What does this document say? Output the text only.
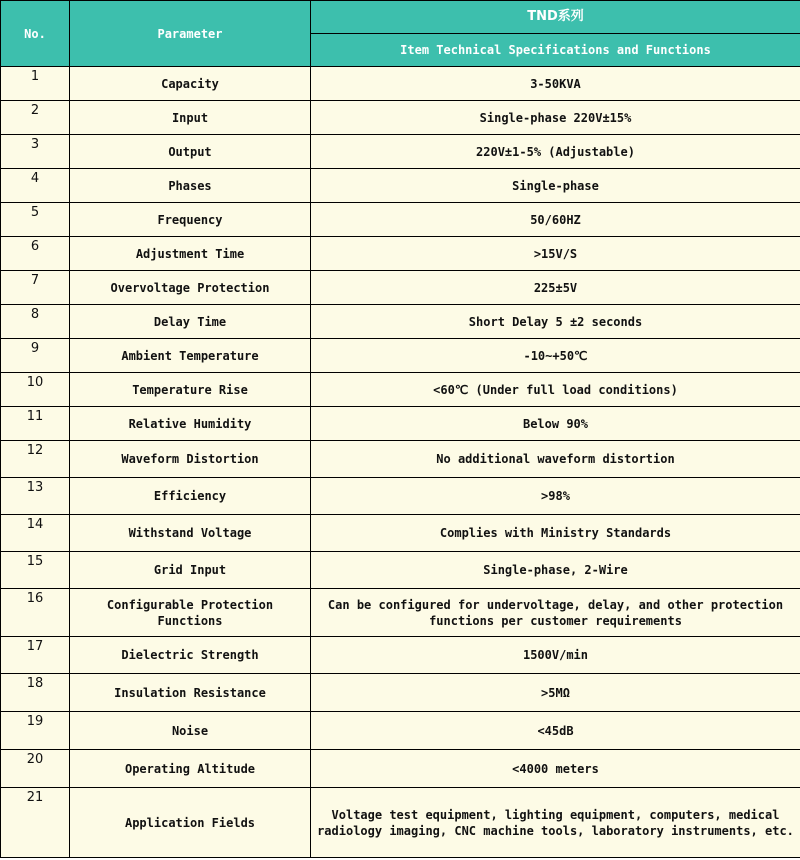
No.	Parameter	TND系列
		Item Technical Specifications and Functions
1	Capacity	3-50KVA
2	Input	Single-phase 220V±15%
3	Output	220V±1-5% (Adjustable)
4	Phases	Single-phase
5	Frequency	50/60HZ
6	Adjustment Time	>15V/S
7	Overvoltage Protection	225±5V
8	Delay Time	Short Delay 5 ±2 seconds
9	Ambient Temperature	-10~+50℃
10	Temperature Rise	<60℃ (Under full load conditions)
11	Relative Humidity	Below 90%
12	Waveform Distortion	No additional waveform distortion
13	Efficiency	>98%
14	Withstand Voltage	Complies with Ministry Standards
15	Grid Input	Single-phase, 2-Wire
16	Configurable Protection Functions	Can be configured for undervoltage, delay, and other protection functions per customer requirements
17	Dielectric Strength	1500V/min
18	Insulation Resistance	>5MΩ
19	Noise	<45dB
20	Operating Altitude	<4000 meters
21	Application Fields	Voltage test equipment, lighting equipment, computers, medical radiology imaging, CNC machine tools, laboratory instruments, etc.
